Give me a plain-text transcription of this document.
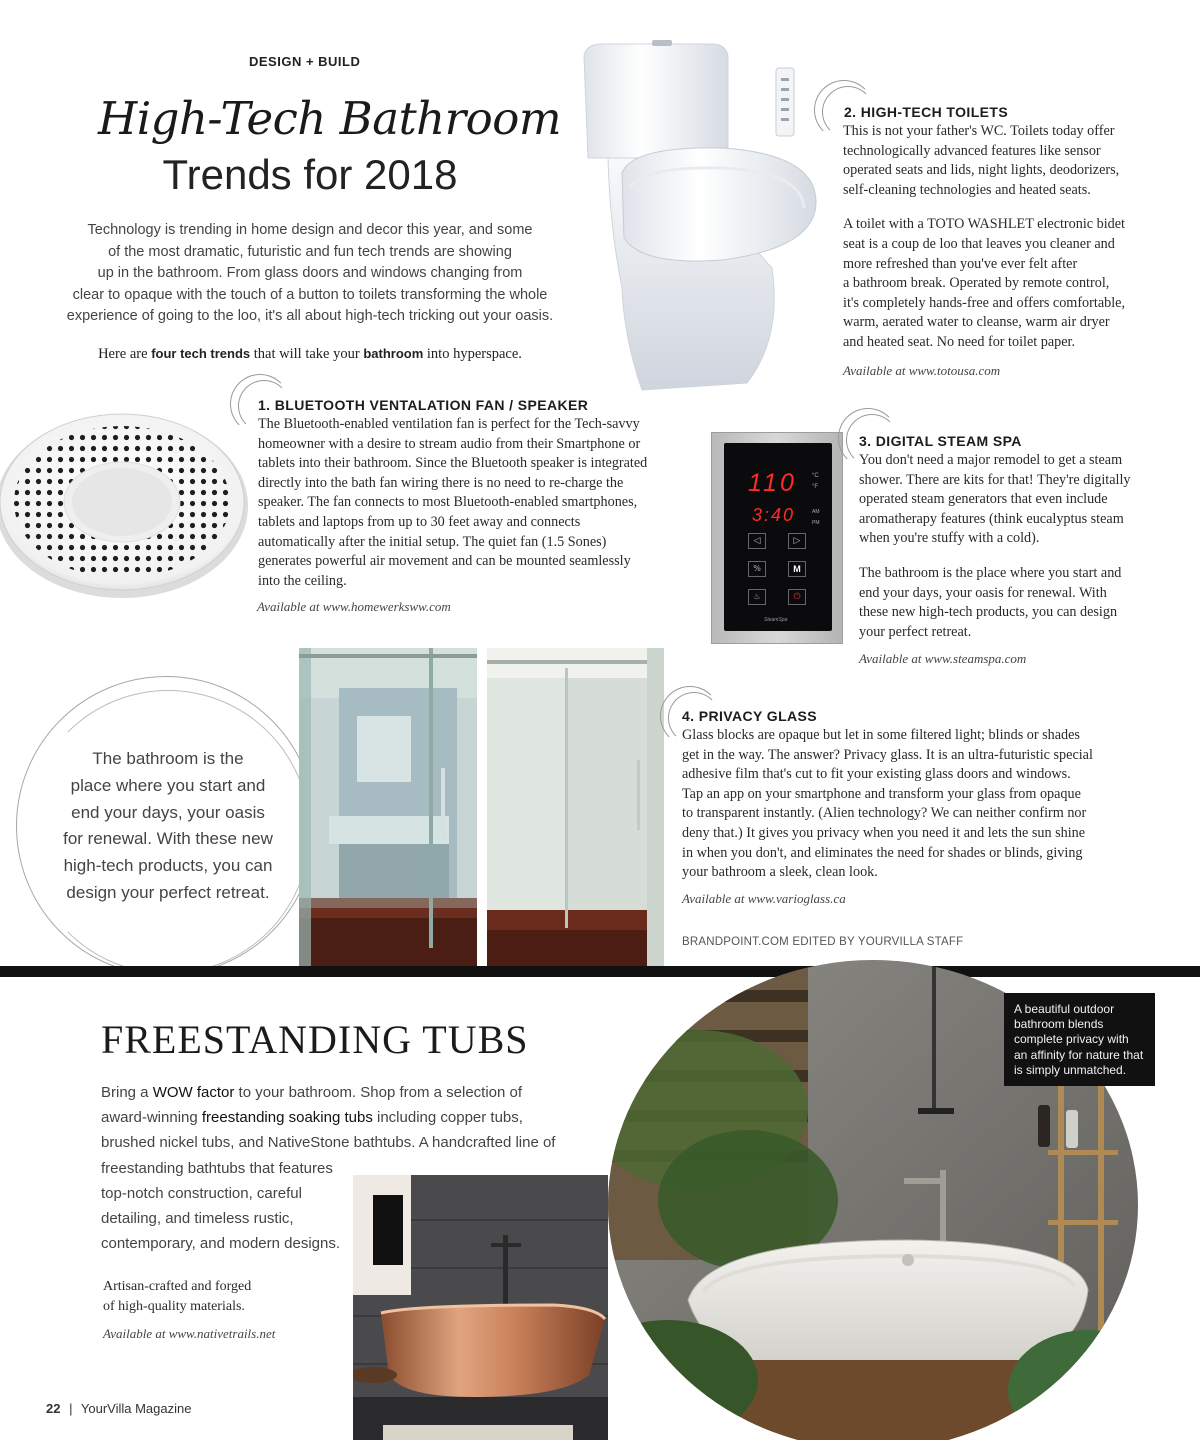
DESIGN + BUILD
High-Tech Bathroom
Trends for 2018
Technology is trending in home design and decor this year, and some
of the most dramatic, futuristic and fun tech trends are showing
up in the bathroom. From glass doors and windows changing from
clear to opaque with the touch of a button to toilets transforming the whole
experience of going to the loo, it's all about high-tech tricking out your oasis.
Here are four tech trends that will take your bathroom into hyperspace.
2. HIGH-TECH TOILETS
This is not your father's WC. Toilets today offer
technologically advanced features like sensor
operated seats and lids, night lights, deodorizers,
self-cleaning technologies and heated seats.
A toilet with a TOTO WASHLET electronic bidet
seat is a coup de loo that leaves you cleaner and
more refreshed than you've ever felt after
a bathroom break. Operated by remote control,
it's completely hands-free and offers comfortable,
warm, aerated water to cleanse, warm air dryer
and heated seat. No need for toilet paper.
Available at www.totousa.com
1. BLUETOOTH VENTALATION FAN / SPEAKER
The Bluetooth-enabled ventilation fan is perfect for the Tech-savvy
homeowner with a desire to stream audio from their Smartphone or
tablets into their bathroom. Since the Bluetooth speaker is integrated
directly into the bath fan wiring there is no need to re-charge the
speaker. The fan connects to most Bluetooth-enabled smartphones,
tablets and laptops from up to 30 feet away and connects
automatically after the initial setup. The quiet fan (1.5 Sones)
generates powerful air movement and can be mounted seamlessly
into the ceiling.
Available at www.homewerksww.com
110	°C
°F
3:40	AM
PM
◁	▷
%	M
♨	⏻
SteamSpa
3. DIGITAL STEAM SPA
You don't need a major remodel to get a steam
shower. There are kits for that! They're digitally
operated steam generators that even include
aromatherapy features (think eucalyptus steam
when you're stuffy with a cold).
The bathroom is the place where you start and
end your days, your oasis for renewal. With
these new high-tech products, you can design
your perfect retreat.
Available at www.steamspa.com
The bathroom is the
place where you start and
end your days, your oasis
for renewal. With these new
high-tech products, you can
design your perfect retreat.
4. PRIVACY GLASS
Glass blocks are opaque but let in some filtered light; blinds or shades
get in the way. The answer? Privacy glass. It is an ultra-futuristic special
adhesive film that's cut to fit your existing glass doors and windows.
Tap an app on your smartphone and transform your glass from opaque
to transparent instantly. (Alien technology? We can neither confirm nor
deny that.) It gives you privacy when you need it and lets the sun shine
in when you don't, and eliminates the need for shades or blinds, giving
your bathroom a sleek, clean look.
Available at www.varioglass.ca
BRANDPOINT.COM EDITED BY YOURVILLA STAFF
A beautiful outdoor
bathroom blends
complete privacy with
an affinity for nature that
is simply unmatched.
FREESTANDING TUBS
Bring a WOW factor to your bathroom. Shop from a selection of
award-winning freestanding soaking tubs including copper tubs,
brushed nickel tubs, and NativeStone bathtubs. A handcrafted line of
freestanding bathtubs that features
top-notch construction, careful
detailing, and timeless rustic,
contemporary, and modern designs.
Artisan-crafted and forged
of high-quality materials.
Available at www.nativetrails.net
22 | YourVilla Magazine
